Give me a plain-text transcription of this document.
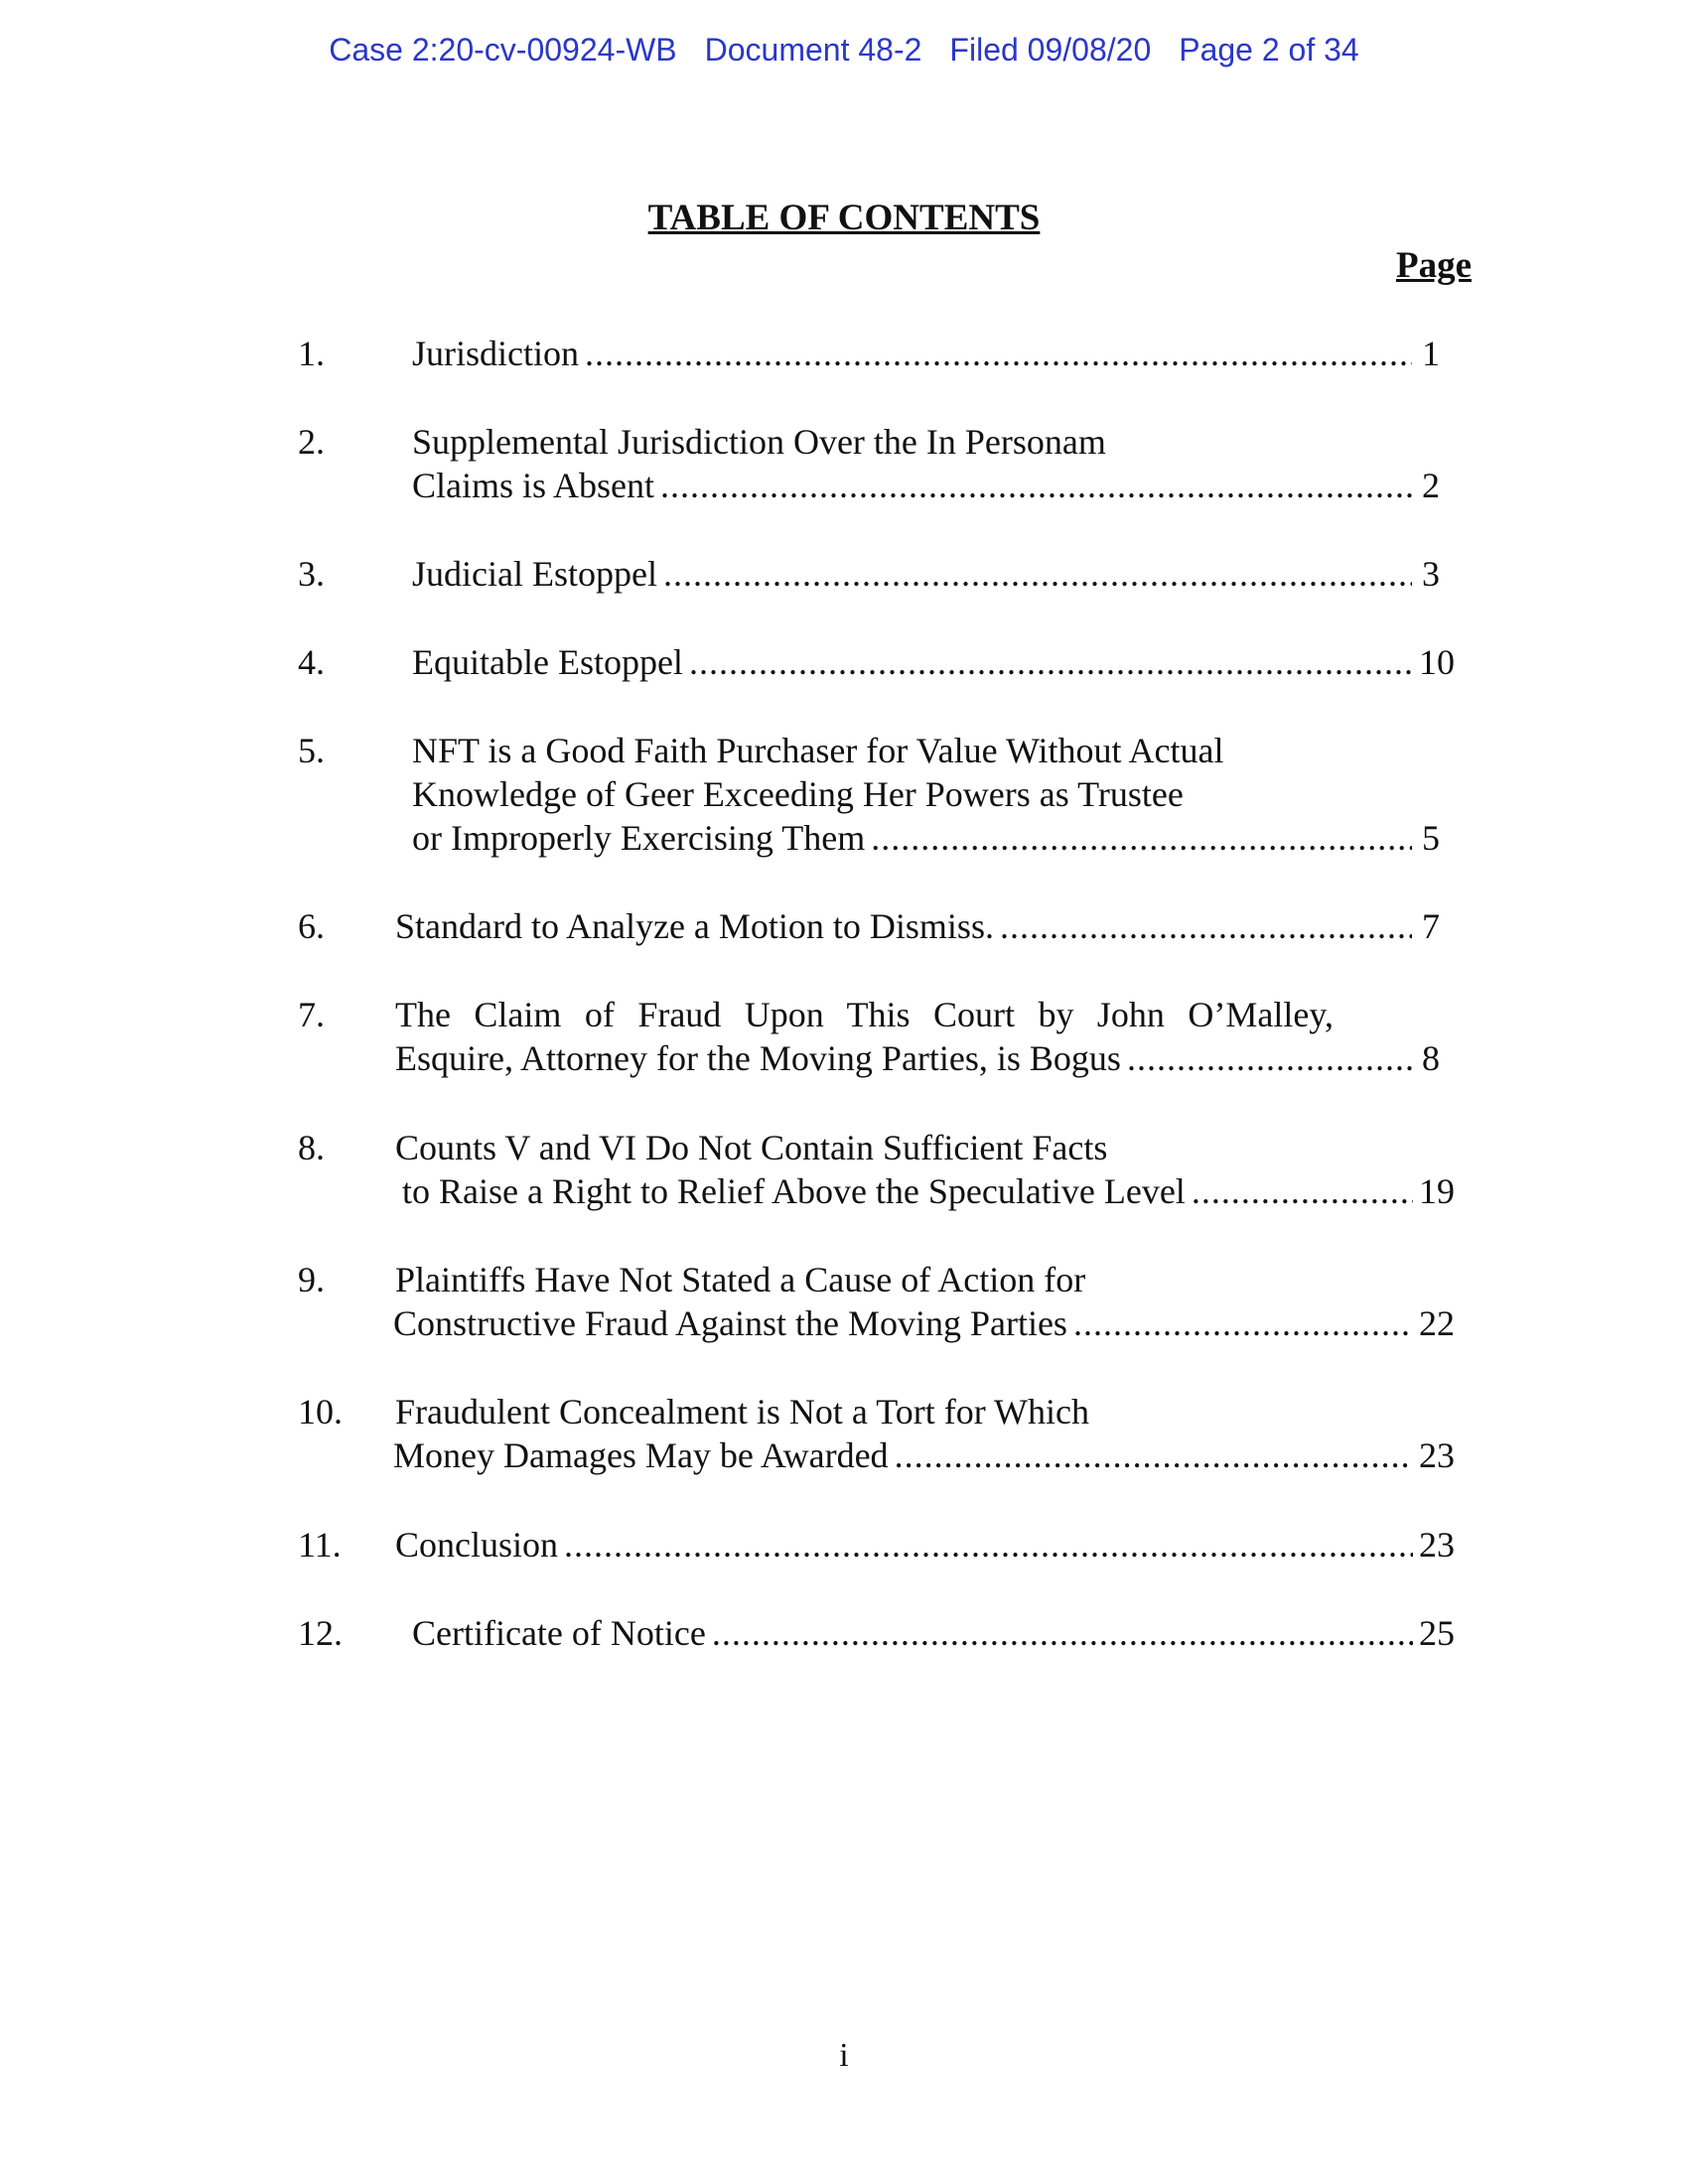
Case 2:20-cv-00924-WB Document 48-2 Filed 09/08/20 Page 2 of 34
TABLE OF CONTENTS
Page
1. Jurisdiction .....	1
2. Supplemental Jurisdiction Over the In Personam
Claims is Absent .....	2
3. Judicial Estoppel .....	3
4. Equitable Estoppel .....	10
5. NFT is a Good Faith Purchaser for Value Without Actual
Knowledge of Geer Exceeding Her Powers as Trustee
or Improperly Exercising Them .....	5
6. Standard to Analyze a Motion to Dismiss. .....	7
7. The Claim of Fraud Upon This Court by John O’Malley,
Esquire, Attorney for the Moving Parties, is Bogus .....	8
8. Counts V and VI Do Not Contain Sufficient Facts
to Raise a Right to Relief Above the Speculative Level .....	19
9. Plaintiffs Have Not Stated a Cause of Action for
Constructive Fraud Against the Moving Parties .....	22
10. Fraudulent Concealment is Not a Tort for Which
Money Damages May be Awarded .....	23
11. Conclusion .....	23
12. Certificate of Notice .....	25
i
